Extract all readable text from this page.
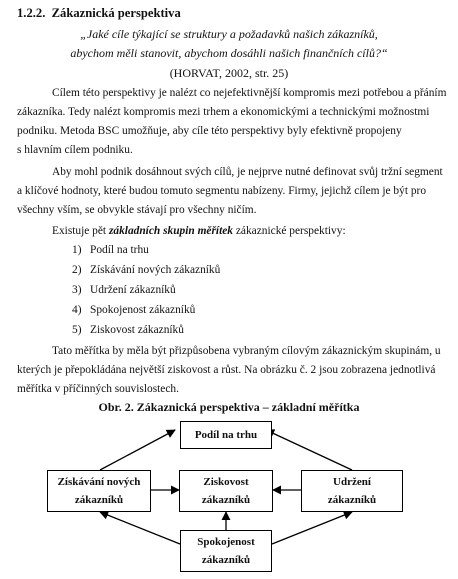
1.2.2. Zákaznická perspektiva
„Jaké cíle týkající se struktury a požadavků našich zákazníků,
abychom měli stanovit, abychom dosáhli našich finančních cílů?“
(HORVAT, 2002, str. 25)
Cílem této perspektivy je nalézt co nejefektivnější kompromis mezi potřebou a přáním
zákazníka. Tedy nalézt kompromis mezi trhem a ekonomickými a technickými možnostmi
podniku. Metoda BSC umožňuje, aby cíle této perspektivy byly efektivně propojeny
s hlavním cílem podniku.
Aby mohl podnik dosáhnout svých cílů, je nejprve nutné definovat svůj tržní segment
a klíčové hodnoty, které budou tomuto segmentu nabízeny. Firmy, jejichž cílem je být pro
všechny vším, se obvykle stávají pro všechny ničím.
Existuje pět základních skupin měřítek zákaznické perspektivy:
1) Podíl na trhu
2) Získávání nových zákazníků
3) Udržení zákazníků
4) Spokojenost zákazníků
5) Ziskovost zákazníků
Tato měřítka by měla být přizpůsobena vybraným cílovým zákaznickým skupinám, u
kterých je přepokládána největší ziskovost a růst. Na obrázku č. 2 jsou zobrazena jednotlivá
měřítka v příčinných souvislostech.
Obr. 2. Zákaznická perspektiva – základní měřítka
Podíl na trhu
Získávání nových
zákazníků
Ziskovost
zákazníků
Udržení
zákazníků
Spokojenost
zákazníků
